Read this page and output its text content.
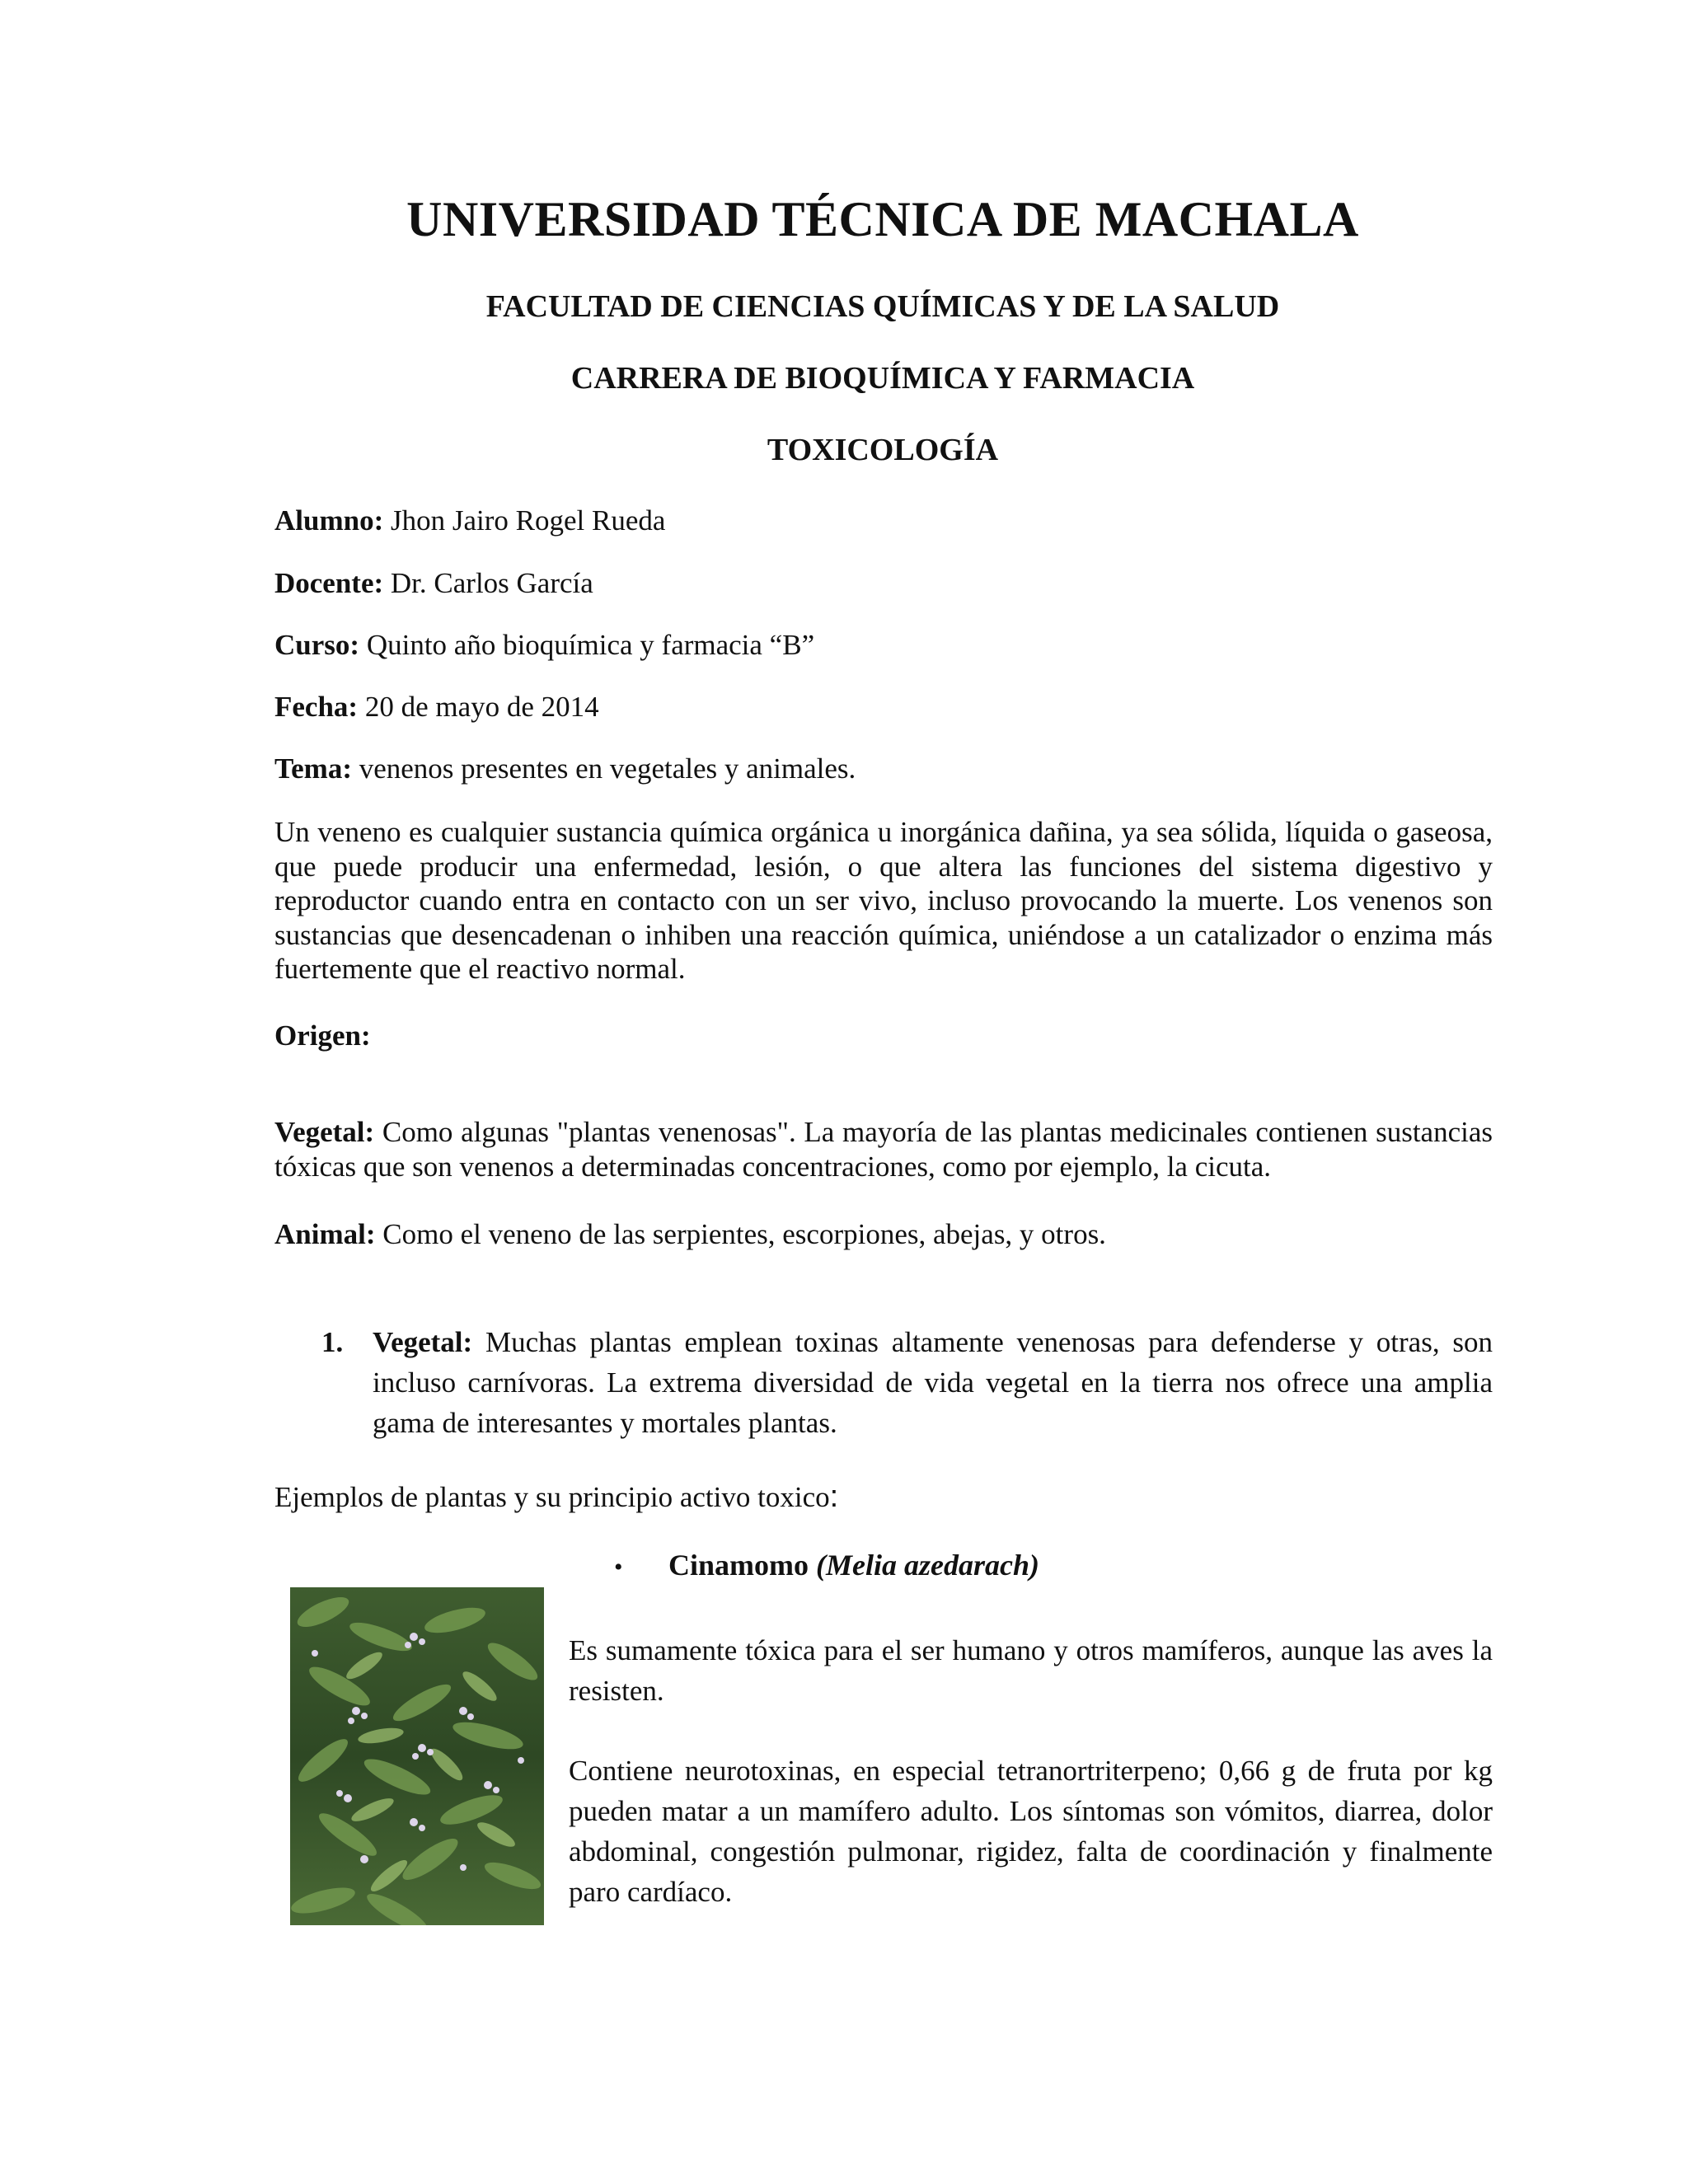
UNIVERSIDAD TÉCNICA DE MACHALA
FACULTAD DE CIENCIAS QUÍMICAS Y DE LA SALUD
CARRERA DE BIOQUÍMICA Y FARMACIA
TOXICOLOGÍA
Alumno: Jhon Jairo Rogel Rueda
Docente: Dr. Carlos García
Curso: Quinto año bioquímica y farmacia “B”
Fecha: 20 de mayo de 2014
Tema: venenos presentes en vegetales y animales.
Un veneno es cualquier sustancia química orgánica u inorgánica dañina, ya sea sólida, líquida o gaseosa, que puede producir una enfermedad, lesión, o que altera las funciones del sistema digestivo y reproductor cuando entra en contacto con un ser vivo, incluso provocando la muerte. Los venenos son sustancias que desencadenan o inhiben una reacción química, uniéndose a un catalizador o enzima más fuertemente que el reactivo normal.
Origen:
Vegetal: Como algunas "plantas venenosas". La mayoría de las plantas medicinales contienen sustancias tóxicas que son venenos a determinadas concentraciones, como por ejemplo, la cicuta.
Animal: Como el veneno de las serpientes, escorpiones, abejas, y otros.
1. Vegetal: Muchas plantas emplean toxinas altamente venenosas para defenderse y otras, son incluso carnívoras. La extrema diversidad de vida vegetal en la tierra nos ofrece una amplia gama de interesantes y mortales plantas.
Ejemplos de plantas y su principio activo toxico:
• Cinamomo (Melia azedarach)
Es sumamente tóxica para el ser humano y otros mamíferos, aunque las aves la resisten.
Contiene neurotoxinas, en especial tetranortriterpeno; 0,66 g de fruta por kg pueden matar a un mamífero adulto. Los síntomas son vómitos, diarrea, dolor abdominal, congestión pulmonar, rigidez, falta de coordinación y finalmente paro cardíaco.
